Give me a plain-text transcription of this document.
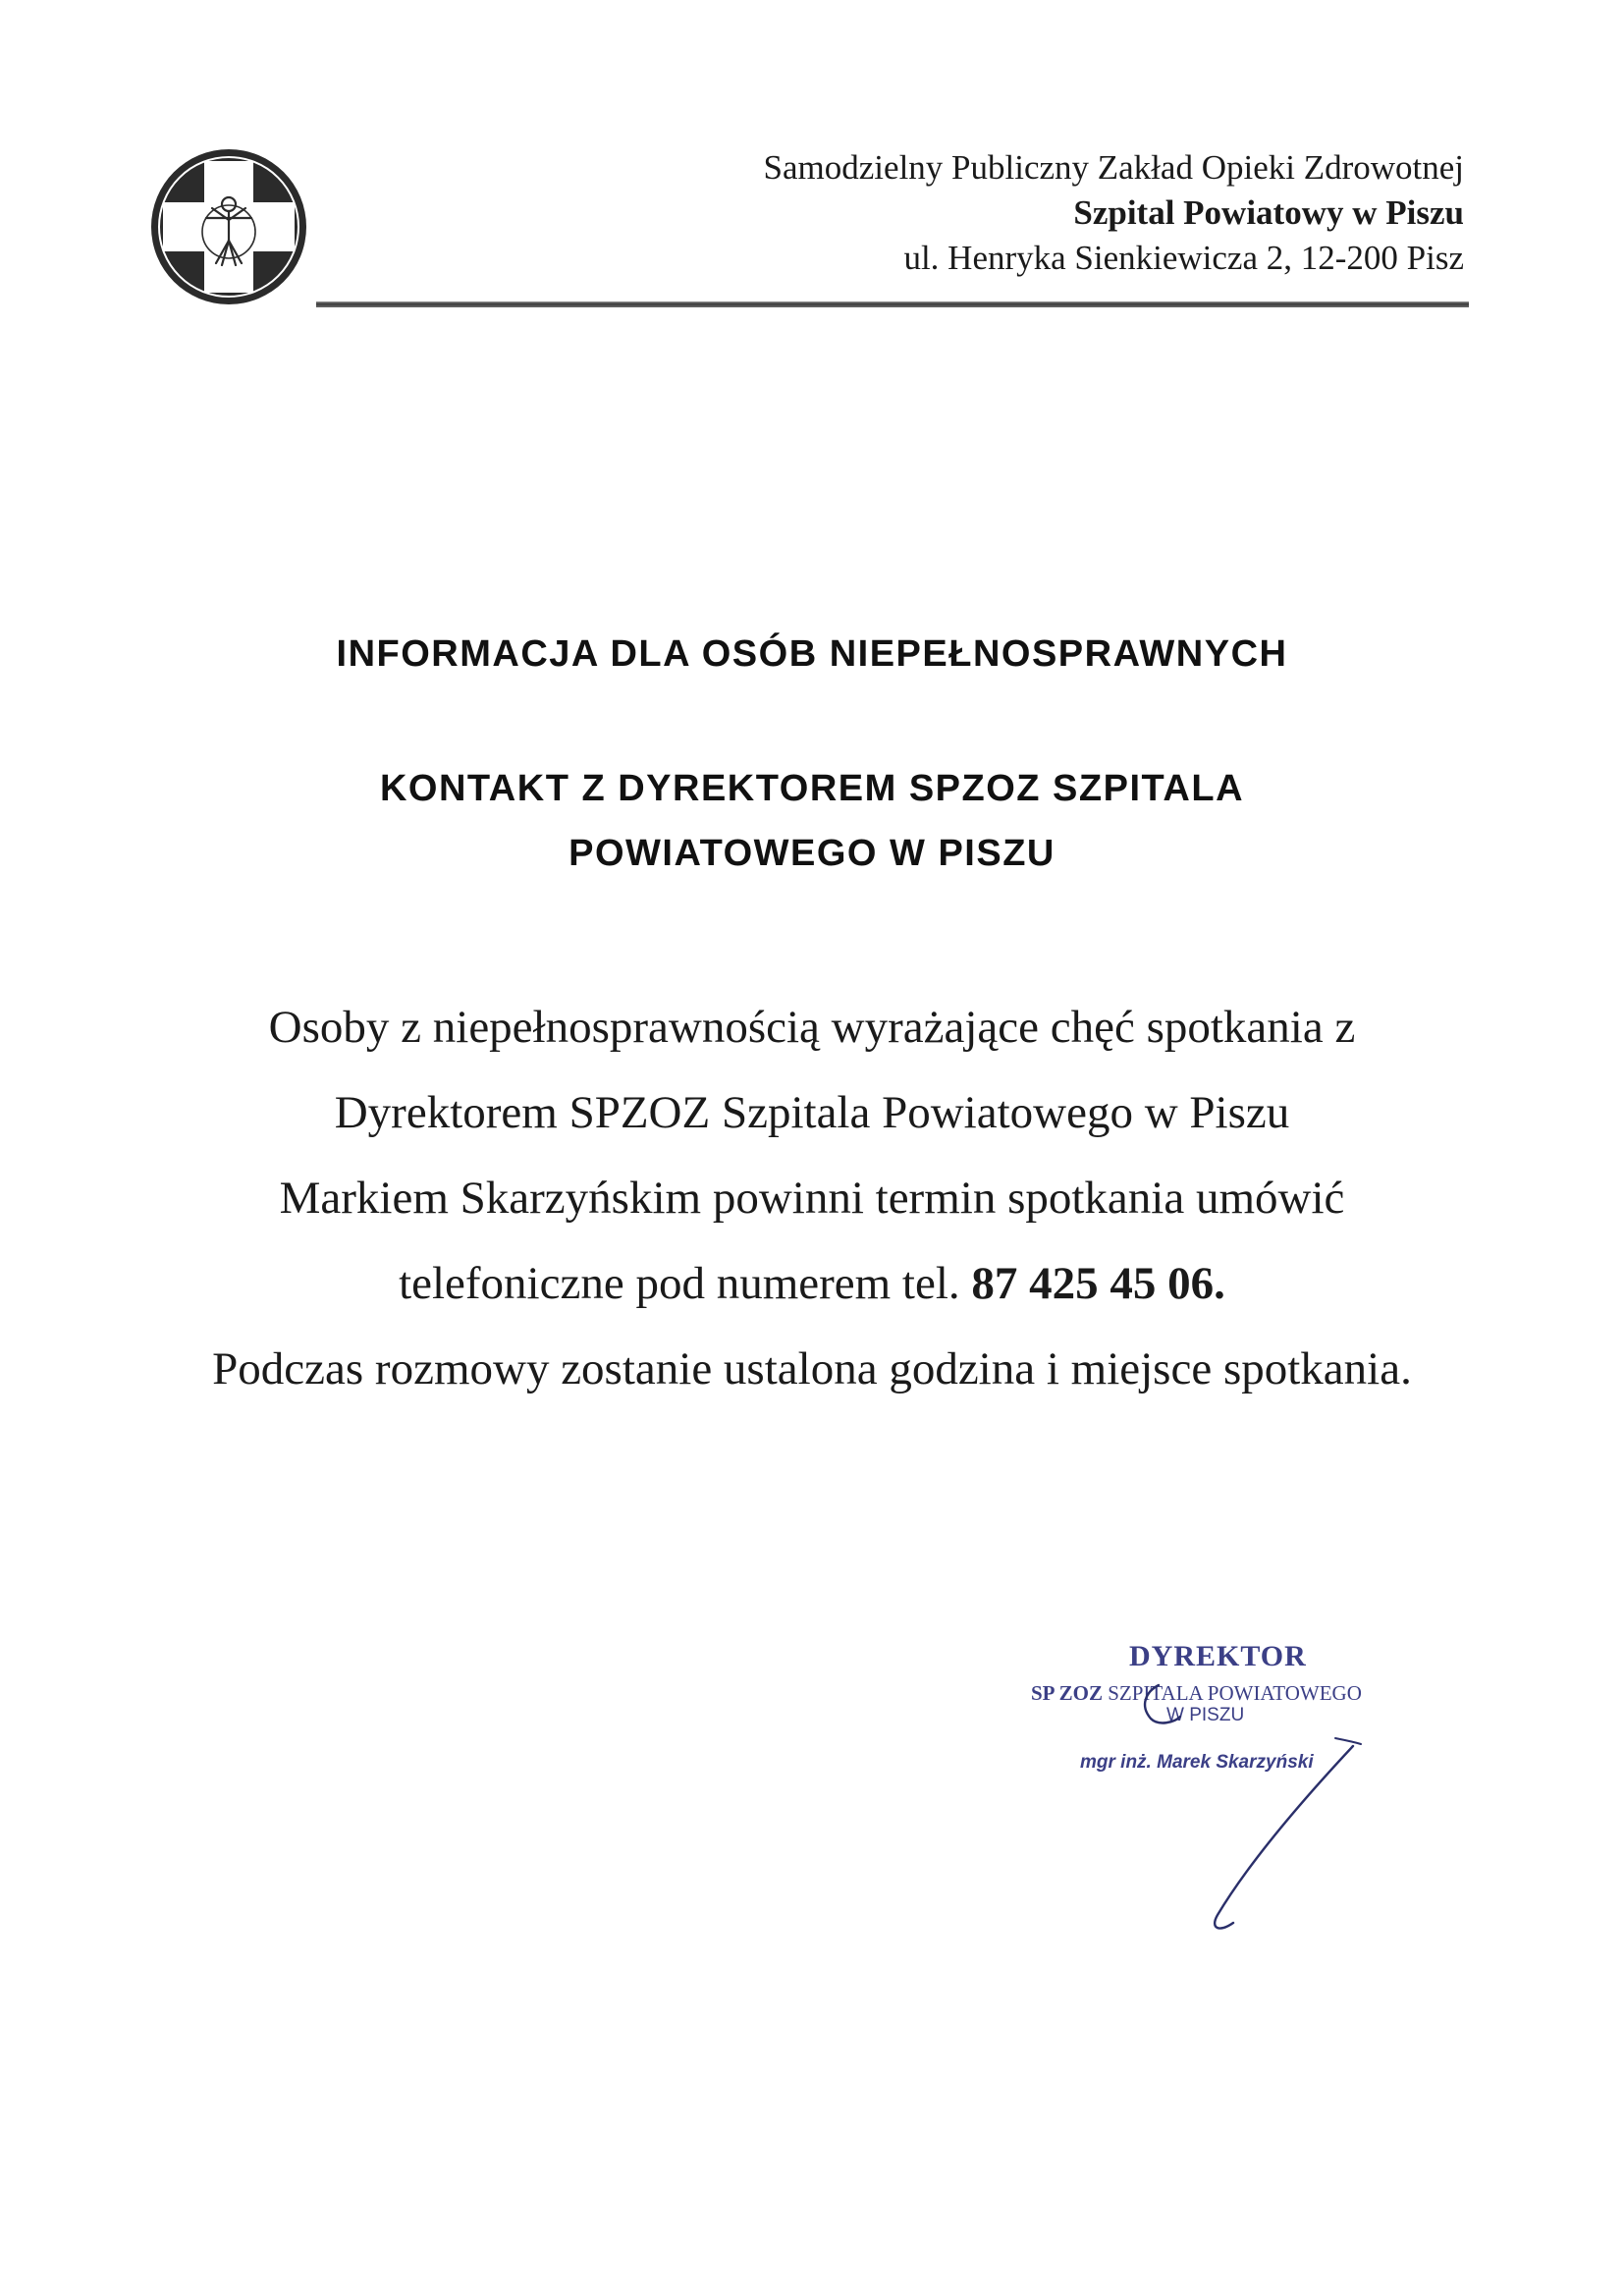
Samodzielny Publiczny Zakład Opieki Zdrowotnej
Szpital Powiatowy w Piszu
ul. Henryka Sienkiewicza 2, 12-200 Pisz
INFORMACJA DLA OSÓB NIEPEŁNOSPRAWNYCH
KONTAKT Z DYREKTOREM SPZOZ SZPITALA
POWIATOWEGO W PISZU
Osoby z niepełnosprawnością wyrażające chęć spotkania z
Dyrektorem SPZOZ Szpitala Powiatowego w Piszu
Markiem Skarzyńskim powinni termin spotkania umówić
telefoniczne pod numerem tel. 87 425 45 06.
Podczas rozmowy zostanie ustalona godzina i miejsce spotkania.
DYREKTOR
SP ZOZ SZPITALA POWIATOWEGO
W PISZU
mgr inż. Marek Skarzyński
